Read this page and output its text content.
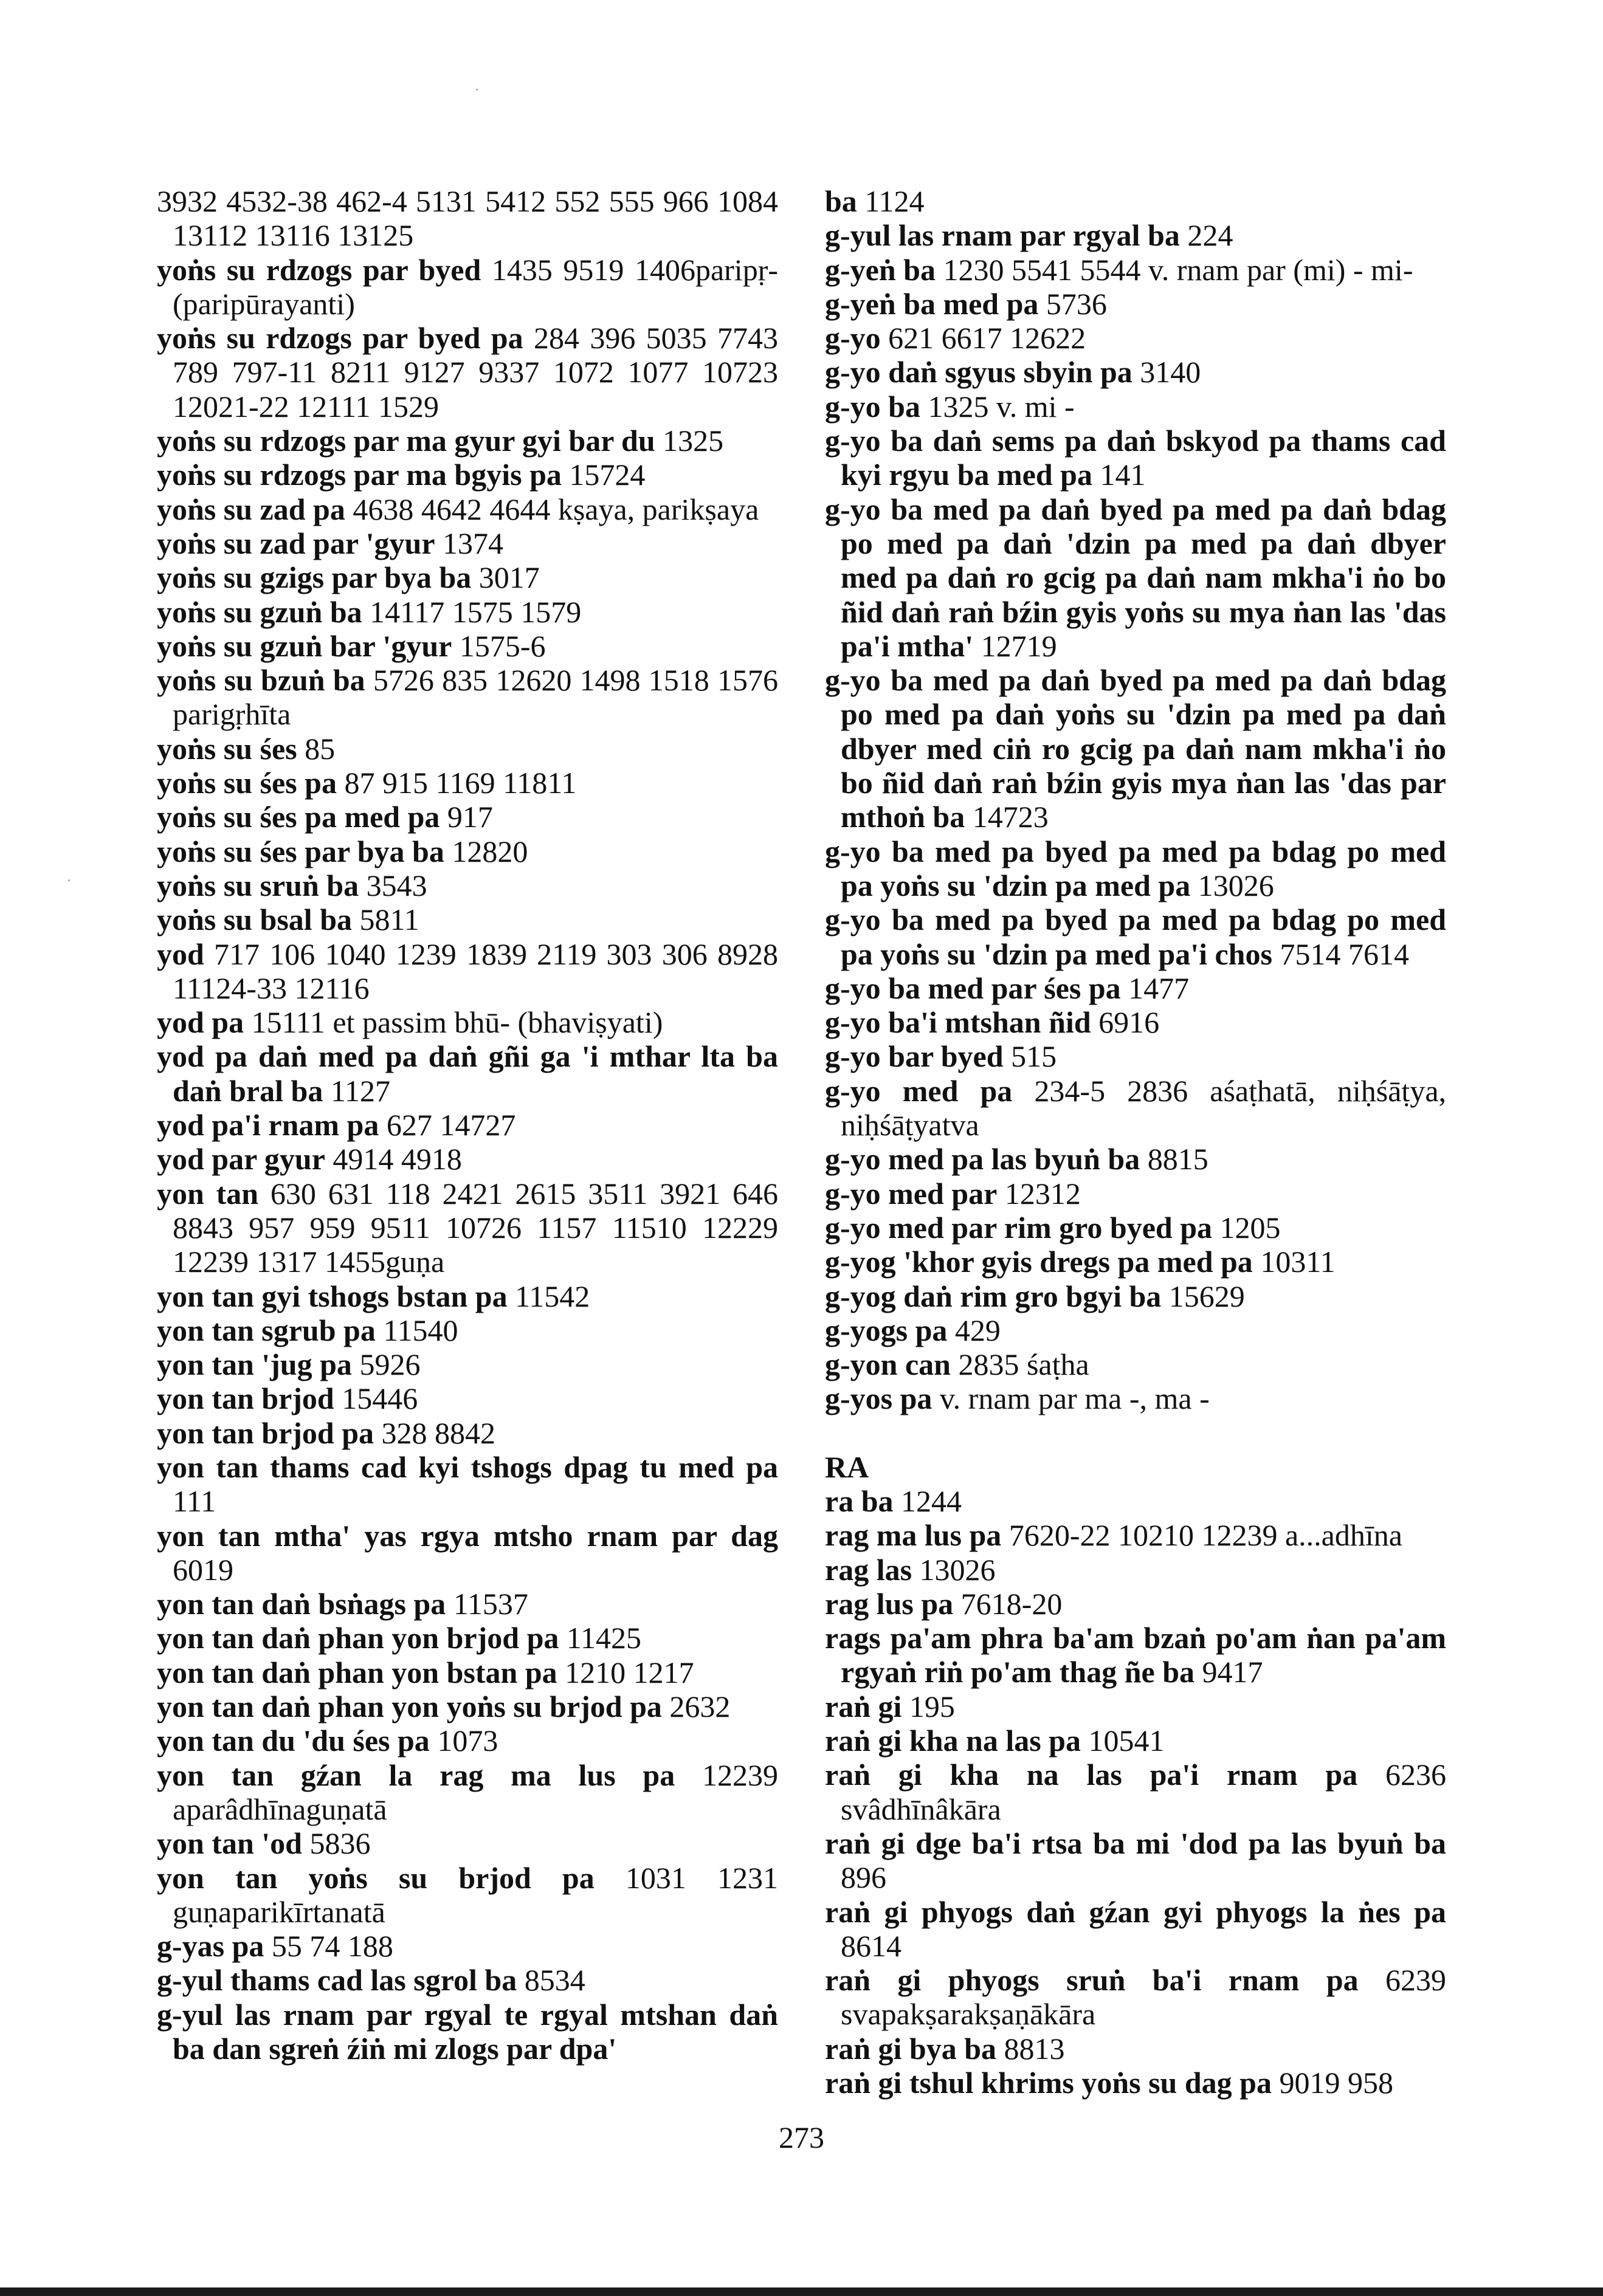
3932 4532-38 462-4 5131 5412 552 555 966 1084 13112 13116 13125

yoṅs su rdzogs par byed 1435 9519 1406paripṛ-(paripūrayanti)

yoṅs su rdzogs par byed pa 284 396 5035 7743 789 797-11 8211 9127 9337 1072 1077 10723 12021-22 12111 1529

yoṅs su rdzogs par ma gyur gyi bar du 1325

yoṅs su rdzogs par ma bgyis pa 15724

yoṅs su zad pa 4638 4642 4644 kṣaya, parikṣaya

yoṅs su zad par 'gyur 1374

yoṅs su gzigs par bya ba 3017

yoṅs su gzuṅ ba 14117 1575 1579

yoṅs su gzuṅ bar 'gyur 1575-6

yoṅs su bzuṅ ba 5726 835 12620 1498 1518 1576 parigṛhīta

yoṅs su śes 85

yoṅs su śes pa 87 915 1169 11811

yoṅs su śes pa med pa 917

yoṅs su śes par bya ba 12820

yoṅs su sruṅ ba 3543

yoṅs su bsal ba 5811

yod 717 106 1040 1239 1839 2119 303 306 8928 11124-33 12116

yod pa 15111 et passim bhū- (bhaviṣyati)

yod pa daṅ med pa daṅ gñi ga 'i mthar lta ba daṅ bral ba 1127

yod pa'i rnam pa 627 14727

yod par gyur 4914 4918

yon tan 630 631 118 2421 2615 3511 3921 646 8843 957 959 9511 10726 1157 11510 12229 12239 1317 1455guṇa

yon tan gyi tshogs bstan pa 11542

yon tan sgrub pa 11540

yon tan 'jug pa 5926

yon tan brjod 15446

yon tan brjod pa 328 8842

yon tan thams cad kyi tshogs dpag tu med pa 111

yon tan mtha' yas rgya mtsho rnam par dag 6019

yon tan daṅ bsṅags pa 11537

yon tan daṅ phan yon brjod pa 11425

yon tan daṅ phan yon bstan pa 1210 1217

yon tan daṅ phan yon yoṅs su brjod pa 2632

yon tan du 'du śes pa 1073

yon tan gźan la rag ma lus pa 12239 aparâdhīnaguṇatā

yon tan 'od 5836

yon tan yoṅs su brjod pa 1031 1231 guṇaparikīrtanatā

g-yas pa 55 74 188

g-yul thams cad las sgrol ba 8534

g-yul las rnam par rgyal te rgyal mtshan daṅ ba dan sgreṅ źiṅ mi zlogs par dpa'

ba 1124

g-yul las rnam par rgyal ba 224

g-yeṅ ba 1230 5541 5544 v. rnam par (mi) - mi-

g-yeṅ ba med pa 5736

g-yo 621 6617 12622

g-yo daṅ sgyus sbyin pa 3140

g-yo ba 1325 v. mi -

g-yo ba daṅ sems pa daṅ bskyod pa thams cad kyi rgyu ba med pa 141

g-yo ba med pa daṅ byed pa med pa daṅ bdag po med pa daṅ 'dzin pa med pa daṅ dbyer med pa daṅ ro gcig pa daṅ nam mkha'i ṅo bo ñid daṅ raṅ bźin gyis yoṅs su mya ṅan las 'das pa'i mtha' 12719

g-yo ba med pa daṅ byed pa med pa daṅ bdag po med pa daṅ yoṅs su 'dzin pa med pa daṅ dbyer med ciṅ ro gcig pa daṅ nam mkha'i ṅo bo ñid daṅ raṅ bźin gyis mya ṅan las 'das par mthoṅ ba 14723

g-yo ba med pa byed pa med pa bdag po med pa yoṅs su 'dzin pa med pa 13026

g-yo ba med pa byed pa med pa bdag po med pa yoṅs su 'dzin pa med pa'i chos 7514 7614

g-yo ba med par śes pa 1477

g-yo ba'i mtshan ñid 6916

g-yo bar byed 515

g-yo med pa 234-5 2836 aśaṭhatā, niḥśāṭya, niḥśāṭyatva

g-yo med pa las byuṅ ba 8815

g-yo med par 12312

g-yo med par rim gro byed pa 1205

g-yog 'khor gyis dregs pa med pa 10311

g-yog daṅ rim gro bgyi ba 15629

g-yogs pa 429

g-yon can 2835 śaṭha

g-yos pa v. rnam par ma -, ma -

RA

ra ba 1244

rag ma lus pa 7620-22 10210 12239 a...adhīna

rag las 13026

rag lus pa 7618-20

rags pa'am phra ba'am bzaṅ po'am ṅan pa'am rgyaṅ riṅ po'am thag ñe ba 9417

raṅ gi 195

raṅ gi kha na las pa 10541

raṅ gi kha na las pa'i rnam pa 6236 svâdhīnâkāra

raṅ gi dge ba'i rtsa ba mi 'dod pa las byuṅ ba 896

raṅ gi phyogs daṅ gźan gyi phyogs la ṅes pa 8614

raṅ gi phyogs sruṅ ba'i rnam pa 6239 svapakṣarakṣaṇākāra

raṅ gi bya ba 8813

raṅ gi tshul khrims yoṅs su dag pa 9019 958

273
